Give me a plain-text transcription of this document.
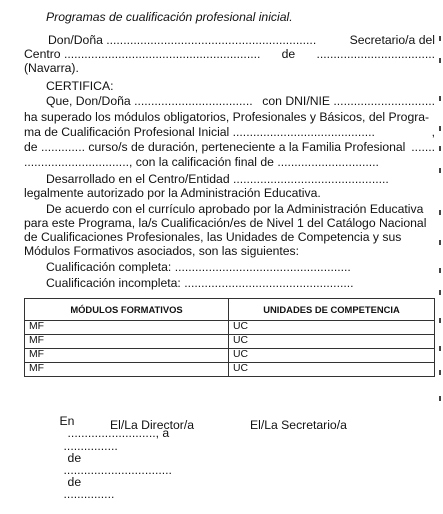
Programas de cualificación profesional inicial.
Don/Doña ..............................................................	Secretario/a del
Centro .......................................................... de ...................................
(Navarra).
CERTIFICA:
Que, Don/Doña ................................... con DNI/NIE ..............................
ha superado los módulos obligatorios, Profesionales y Básicos, del Progra-
ma de Cualificación Profesional Inicial ..........................................	,
de ............. curso/s de duración, perteneciente a la Familia Profesional .......
..............................., con la calificación final de ..............................
Desarrollado en el Centro/Entidad ..............................................
legalmente autorizado por la Administración Educativa.
De acuerdo con el currículo aprobado por la Administración Educativa
para este Programa, la/s Cualificación/es de Nivel 1 del Catálogo Nacional
de Cualificaciones Profesionales, las Unidades de Competencia y sus
Módulos Formativos asociados, son las siguientes:
Cualificación completa: ....................................................
Cualificación incompleta: ..................................................
MÓDULOS FORMATIVOS	UNIDADES DE COMPETENCIA
MF	UC
MF	UC
MF	UC
MF	UC

En
.........................., a
................
de
................................
de
...............

El/La Director/a	El/La Secretario/a
